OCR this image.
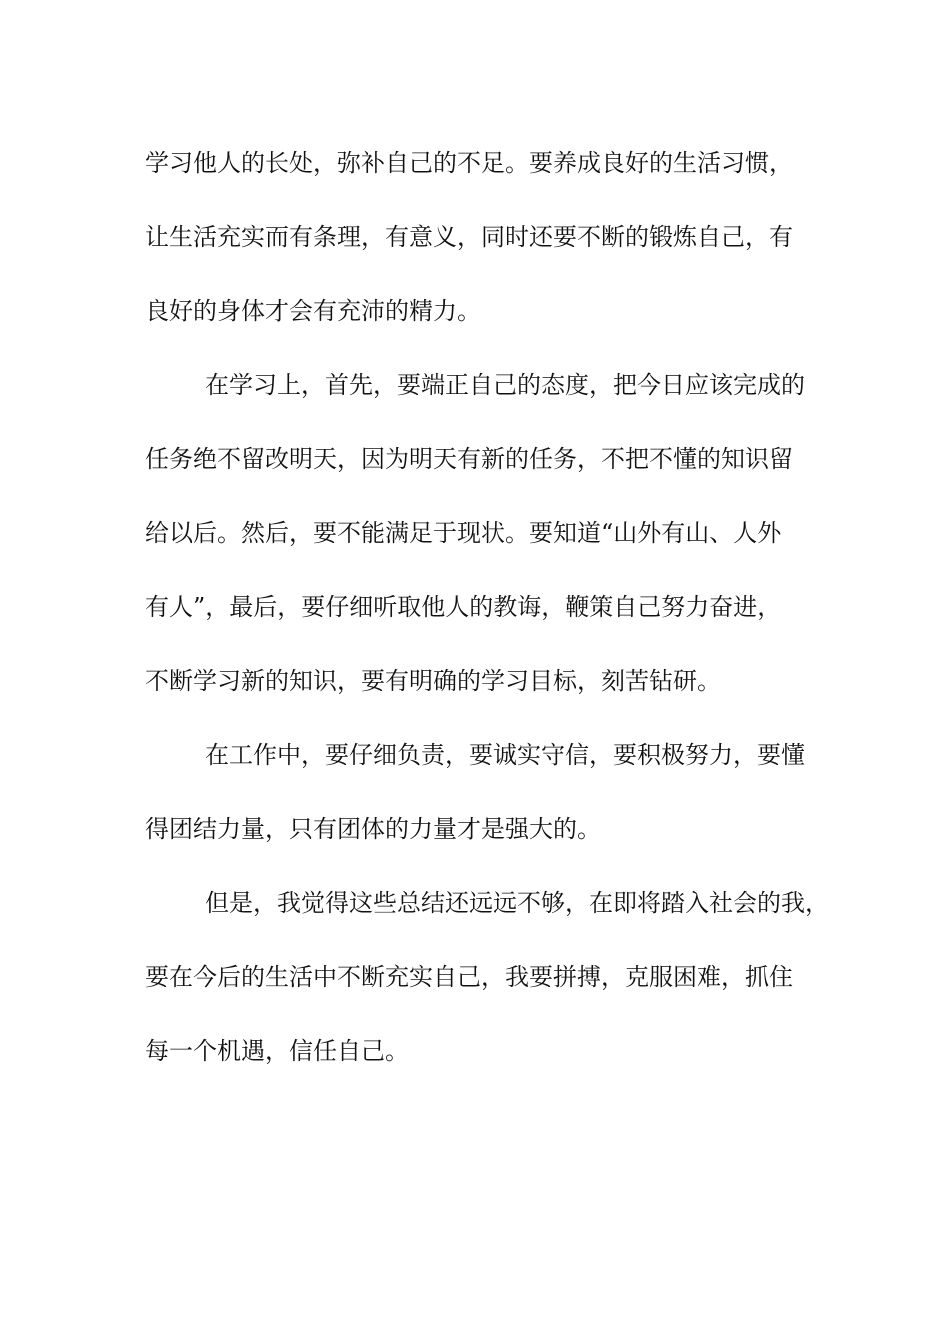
学习他人的长处，弥补自己的不足。要养成良好的生活习惯，
让生活充实而有条理，有意义，同时还要不断的锻炼自己，有
良好的身体才会有充沛的精力。
在学习上，首先，要端正自己的态度，把今日应该完成的
任务绝不留改明天，因为明天有新的任务，不把不懂的知识留
给以后。然后，要不能满足于现状。要知道“山外有山、人外
有人”，最后，要仔细听取他人的教诲，鞭策自己努力奋进，
不断学习新的知识，要有明确的学习目标，刻苦钻研。
在工作中，要仔细负责，要诚实守信，要积极努力，要懂
得团结力量，只有团体的力量才是强大的。
但是，我觉得这些总结还远远不够，在即将踏入社会的我，
要在今后的生活中不断充实自己，我要拼搏，克服困难，抓住
每一个机遇，信任自己。
